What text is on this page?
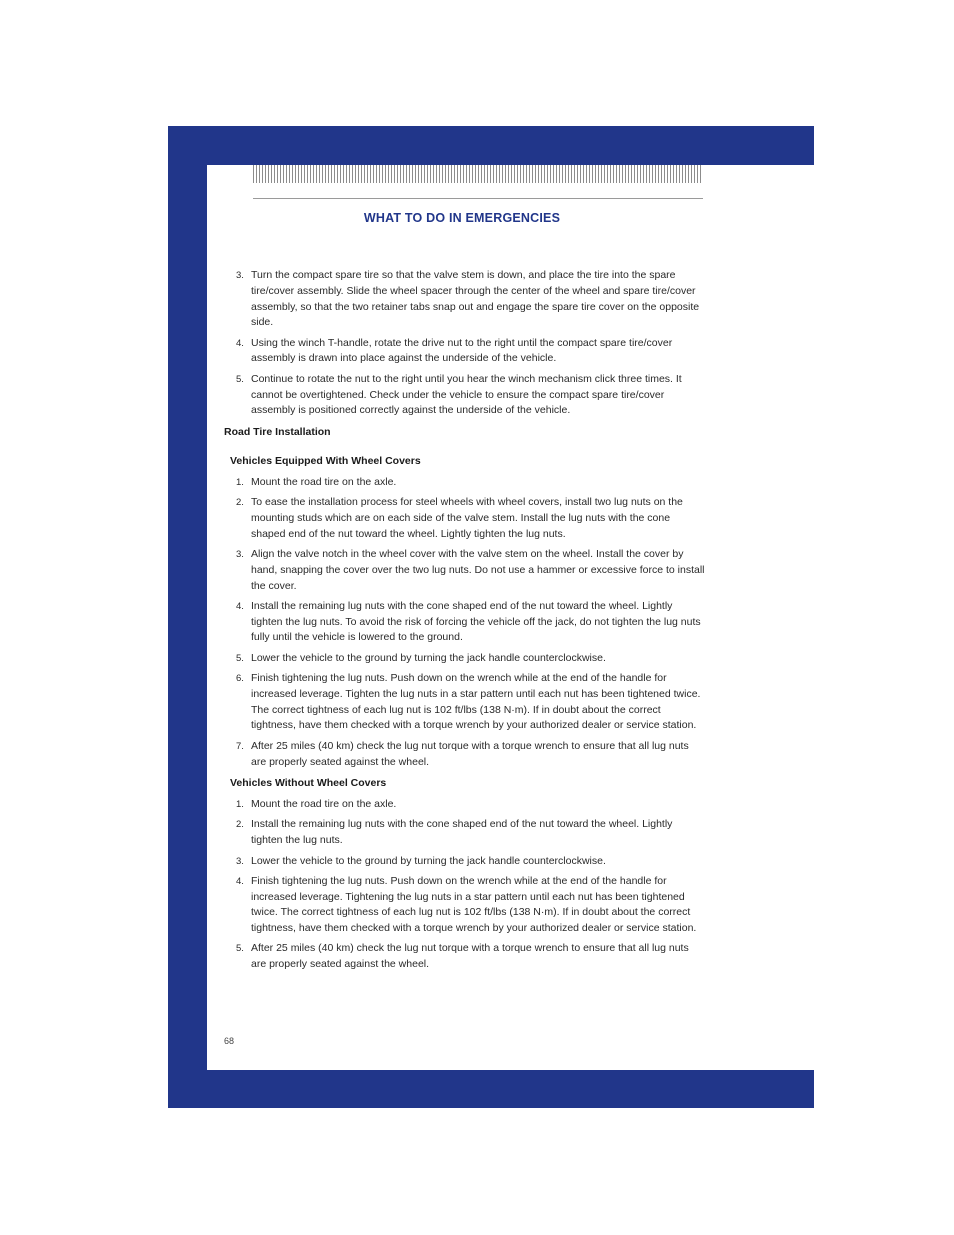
WHAT TO DO IN EMERGENCIES
3. Turn the compact spare tire so that the valve stem is down, and place the tire into the spare tire/cover assembly. Slide the wheel spacer through the center of the wheel and spare tire/cover assembly, so that the two retainer tabs snap out and engage the spare tire cover on the opposite side.
4. Using the winch T-handle, rotate the drive nut to the right until the compact spare tire/cover assembly is drawn into place against the underside of the vehicle.
5. Continue to rotate the nut to the right until you hear the winch mechanism click three times. It cannot be overtightened. Check under the vehicle to ensure the compact spare tire/cover assembly is positioned correctly against the underside of the vehicle.
Road Tire Installation
Vehicles Equipped With Wheel Covers
1. Mount the road tire on the axle.
2. To ease the installation process for steel wheels with wheel covers, install two lug nuts on the mounting studs which are on each side of the valve stem. Install the lug nuts with the cone shaped end of the nut toward the wheel. Lightly tighten the lug nuts.
3. Align the valve notch in the wheel cover with the valve stem on the wheel. Install the cover by hand, snapping the cover over the two lug nuts. Do not use a hammer or excessive force to install the cover.
4. Install the remaining lug nuts with the cone shaped end of the nut toward the wheel. Lightly tighten the lug nuts. To avoid the risk of forcing the vehicle off the jack, do not tighten the lug nuts fully until the vehicle is lowered to the ground.
5. Lower the vehicle to the ground by turning the jack handle counterclockwise.
6. Finish tightening the lug nuts. Push down on the wrench while at the end of the handle for increased leverage. Tighten the lug nuts in a star pattern until each nut has been tightened twice. The correct tightness of each lug nut is 102 ft/lbs (138 N·m). If in doubt about the correct tightness, have them checked with a torque wrench by your authorized dealer or service station.
7. After 25 miles (40 km) check the lug nut torque with a torque wrench to ensure that all lug nuts are properly seated against the wheel.
Vehicles Without Wheel Covers
1. Mount the road tire on the axle.
2. Install the remaining lug nuts with the cone shaped end of the nut toward the wheel. Lightly tighten the lug nuts.
3. Lower the vehicle to the ground by turning the jack handle counterclockwise.
4. Finish tightening the lug nuts. Push down on the wrench while at the end of the handle for increased leverage. Tightening the lug nuts in a star pattern until each nut has been tightened twice. The correct tightness of each lug nut is 102 ft/lbs (138 N·m). If in doubt about the correct tightness, have them checked with a torque wrench by your authorized dealer or service station.
5. After 25 miles (40 km) check the lug nut torque with a torque wrench to ensure that all lug nuts are properly seated against the wheel.
68
